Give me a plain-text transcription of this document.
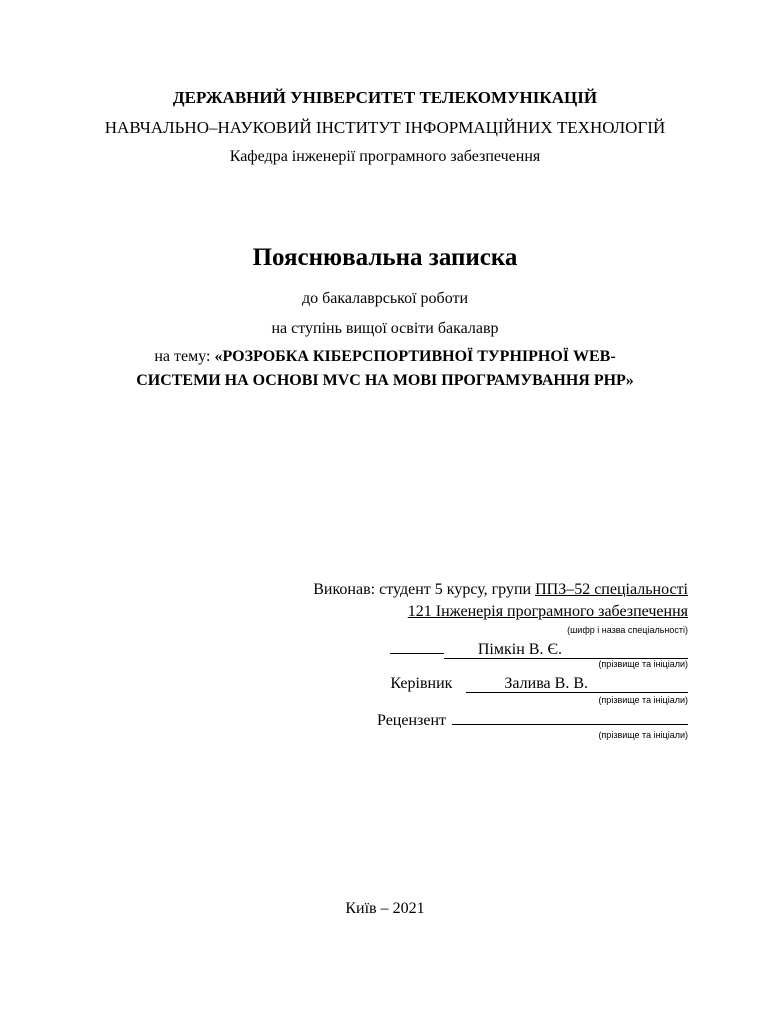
ДЕРЖАВНИЙ УНІВЕРСИТЕТ ТЕЛЕКОМУНІКАЦІЙ
НАВЧАЛЬНО–НАУКОВИЙ ІНСТИТУТ ІНФОРМАЦІЙНИХ ТЕХНОЛОГІЙ
Кафедра інженерії програмного забезпечення
Пояснювальна записка
до бакалаврської роботи
на ступінь вищої освіти бакалавр
на тему: «РОЗРОБКА КІБЕРСПОРТИВНОЇ ТУРНІРНОЇ WEB-
СИСТЕМИ НА ОСНОВІ MVC НА МОВІ ПРОГРАМУВАННЯ PHP»
Виконав: студент 5 курсу, групи ППЗ–52 спеціальності
121 Інженерія програмного забезпечення
(шифр і назва спеціальності)
Пімкін В. Є.
(прізвище та ініціали)
Керівник	Залива В. В.
(прізвище та ініціали)
Рецензент
(прізвище та ініціали)
Київ – 2021
